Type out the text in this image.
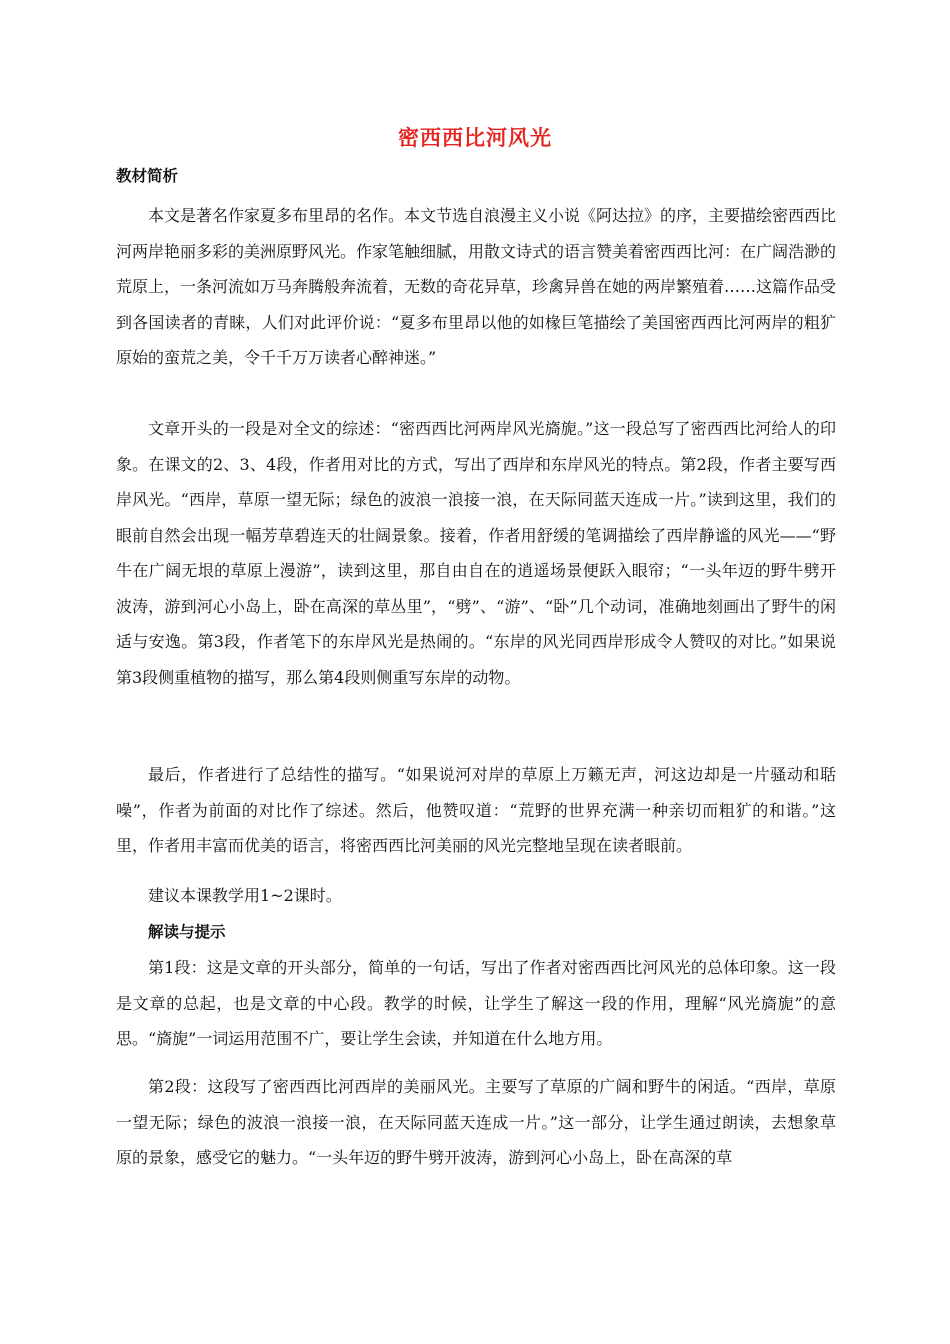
密西西比河风光
教材简析

本文是著名作家夏多布里昂的名作。本文节选自浪漫主义小说《阿达拉》的序，主要描绘密西西比河两岸艳丽多彩的美洲原野风光。作家笔触细腻，用散文诗式的语言赞美着密西西比河：在广阔浩渺的荒原上，一条河流如万马奔腾般奔流着，无数的奇花异草，珍禽异兽在她的两岸繁殖着……这篇作品受到各国读者的青睐，人们对此评价说：“夏多布里昂以他的如椽巨笔描绘了美国密西西比河两岸的粗犷原始的蛮荒之美，令千千万万读者心醉神迷。”

文章开头的一段是对全文的综述：“密西西比河两岸风光旖旎。”这一段总写了密西西比河给人的印象。在课文的2、3、4段，作者用对比的方式，写出了西岸和东岸风光的特点。第2段，作者主要写西岸风光。“西岸，草原一望无际；绿色的波浪一浪接一浪，在天际同蓝天连成一片。”读到这里，我们的眼前自然会出现一幅芳草碧连天的壮阔景象。接着，作者用舒缓的笔调描绘了西岸静谧的风光——“野牛在广阔无垠的草原上漫游”，读到这里，那自由自在的逍遥场景便跃入眼帘；“一头年迈的野牛劈开波涛，游到河心小岛上，卧在高深的草丛里”，“劈”、“游”、“卧”几个动词，准确地刻画出了野牛的闲适与安逸。第3段，作者笔下的东岸风光是热闹的。“东岸的风光同西岸形成令人赞叹的对比。”如果说第3段侧重植物的描写，那么第4段则侧重写东岸的动物。

最后，作者进行了总结性的描写。“如果说河对岸的草原上万籁无声，河这边却是一片骚动和聒噪”，作者为前面的对比作了综述。然后，他赞叹道：“荒野的世界充满一种亲切而粗犷的和谐。”这里，作者用丰富而优美的语言，将密西西比河美丽的风光完整地呈现在读者眼前。

建议本课教学用1~2课时。

解读与提示

第1段：这是文章的开头部分，简单的一句话，写出了作者对密西西比河风光的总体印象。这一段是文章的总起，也是文章的中心段。教学的时候，让学生了解这一段的作用，理解“风光旖旎”的意思。“旖旎”一词运用范围不广，要让学生会读，并知道在什么地方用。

第2段：这段写了密西西比河西岸的美丽风光。主要写了草原的广阔和野牛的闲适。“西岸，草原一望无际；绿色的波浪一浪接一浪，在天际同蓝天连成一片。”这一部分，让学生通过朗读，去想象草原的景象，感受它的魅力。“一头年迈的野牛劈开波涛，游到河心小岛上，卧在高深的草
